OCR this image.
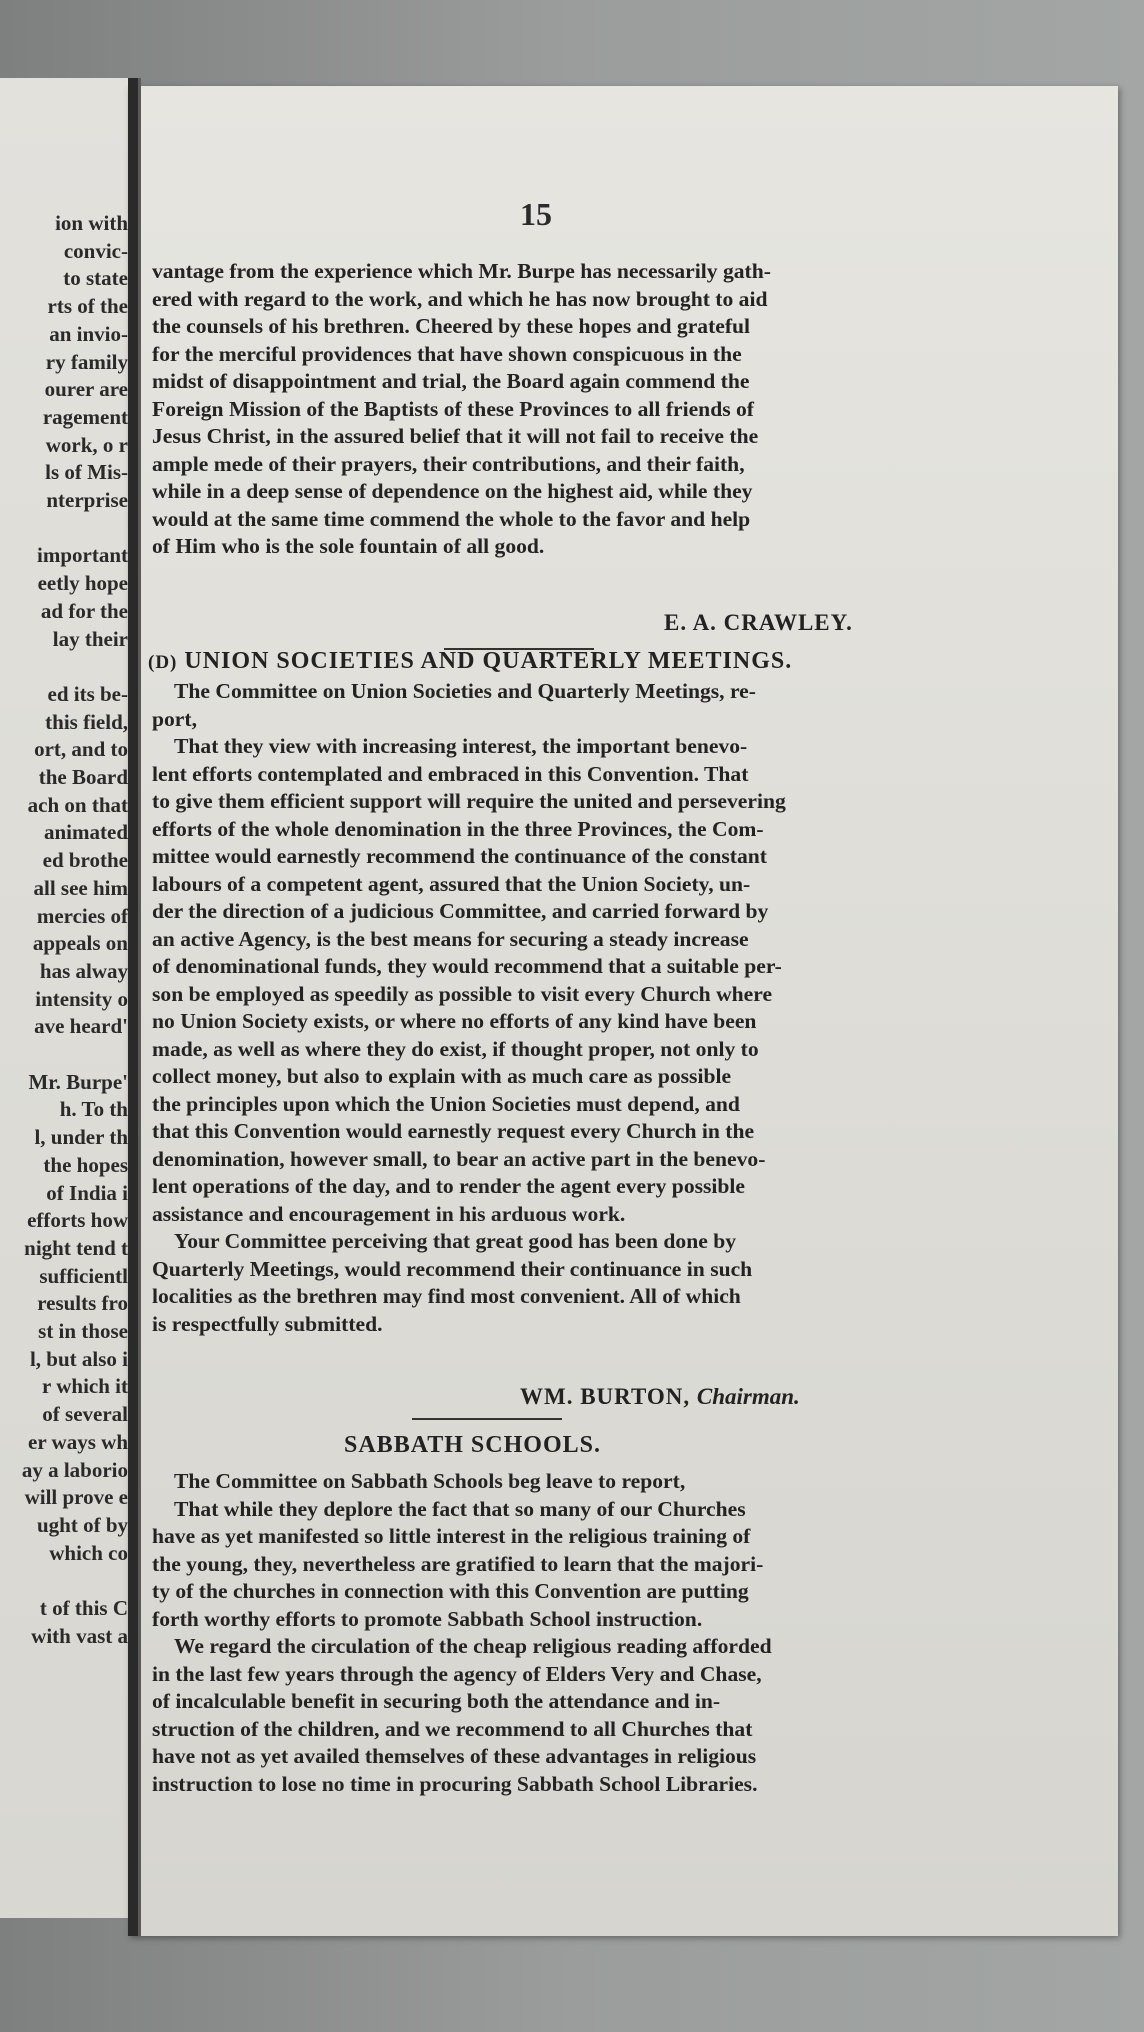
ion with
convic-
to state
rts of the
an invio-
ry family
ourer are
ragement
work, o r
ls of Mis-
nterprise
important
eetly hope
ad for the
lay their
ed its be-
this field,
ort, and to
the Board
ach on that
animated
ed brothe
all see him
mercies of
appeals on
has alway
intensity o
ave heard'
Mr. Burpe'
h. To th
l, under th
the hopes
of India i
efforts how
night tend t
sufficientl
results fro
st in those
l, but also i
r which it
of several
er ways wh
ay a laborio
will prove e
ught of by
which co
t of this C
with vast a
15
vantage from the experience which Mr. Burpe has necessarily gath-
ered with regard to the work, and which he has now brought to aid
the counsels of his brethren. Cheered by these hopes and grateful
for the merciful providences that have shown conspicuous in the
midst of disappointment and trial, the Board again commend the
Foreign Mission of the Baptists of these Provinces to all friends of
Jesus Christ, in the assured belief that it will not fail to receive the
ample mede of their prayers, their contributions, and their faith,
while in a deep sense of dependence on the highest aid, while they
would at the same time commend the whole to the favor and help
of Him who is the sole fountain of all good.
E. A. CRAWLEY.
(D) UNION SOCIETIES AND QUARTERLY MEETINGS.
The Committee on Union Societies and Quarterly Meetings, re-
port,
That they view with increasing interest, the important benevo-
lent efforts contemplated and embraced in this Convention. That
to give them efficient support will require the united and persevering
efforts of the whole denomination in the three Provinces, the Com-
mittee would earnestly recommend the continuance of the constant
labours of a competent agent, assured that the Union Society, un-
der the direction of a judicious Committee, and carried forward by
an active Agency, is the best means for securing a steady increase
of denominational funds, they would recommend that a suitable per-
son be employed as speedily as possible to visit every Church where
no Union Society exists, or where no efforts of any kind have been
made, as well as where they do exist, if thought proper, not only to
collect money, but also to explain with as much care as possible
the principles upon which the Union Societies must depend, and
that this Convention would earnestly request every Church in the
denomination, however small, to bear an active part in the benevo-
lent operations of the day, and to render the agent every possible
assistance and encouragement in his arduous work.
Your Committee perceiving that great good has been done by
Quarterly Meetings, would recommend their continuance in such
localities as the brethren may find most convenient. All of which
is respectfully submitted.
WM. BURTON, Chairman.
SABBATH SCHOOLS.
The Committee on Sabbath Schools beg leave to report,
That while they deplore the fact that so many of our Churches
have as yet manifested so little interest in the religious training of
the young, they, nevertheless are gratified to learn that the majori-
ty of the churches in connection with this Convention are putting
forth worthy efforts to promote Sabbath School instruction.
We regard the circulation of the cheap religious reading afforded
in the last few years through the agency of Elders Very and Chase,
of incalculable benefit in securing both the attendance and in-
struction of the children, and we recommend to all Churches that
have not as yet availed themselves of these advantages in religious
instruction to lose no time in procuring Sabbath School Libraries.
